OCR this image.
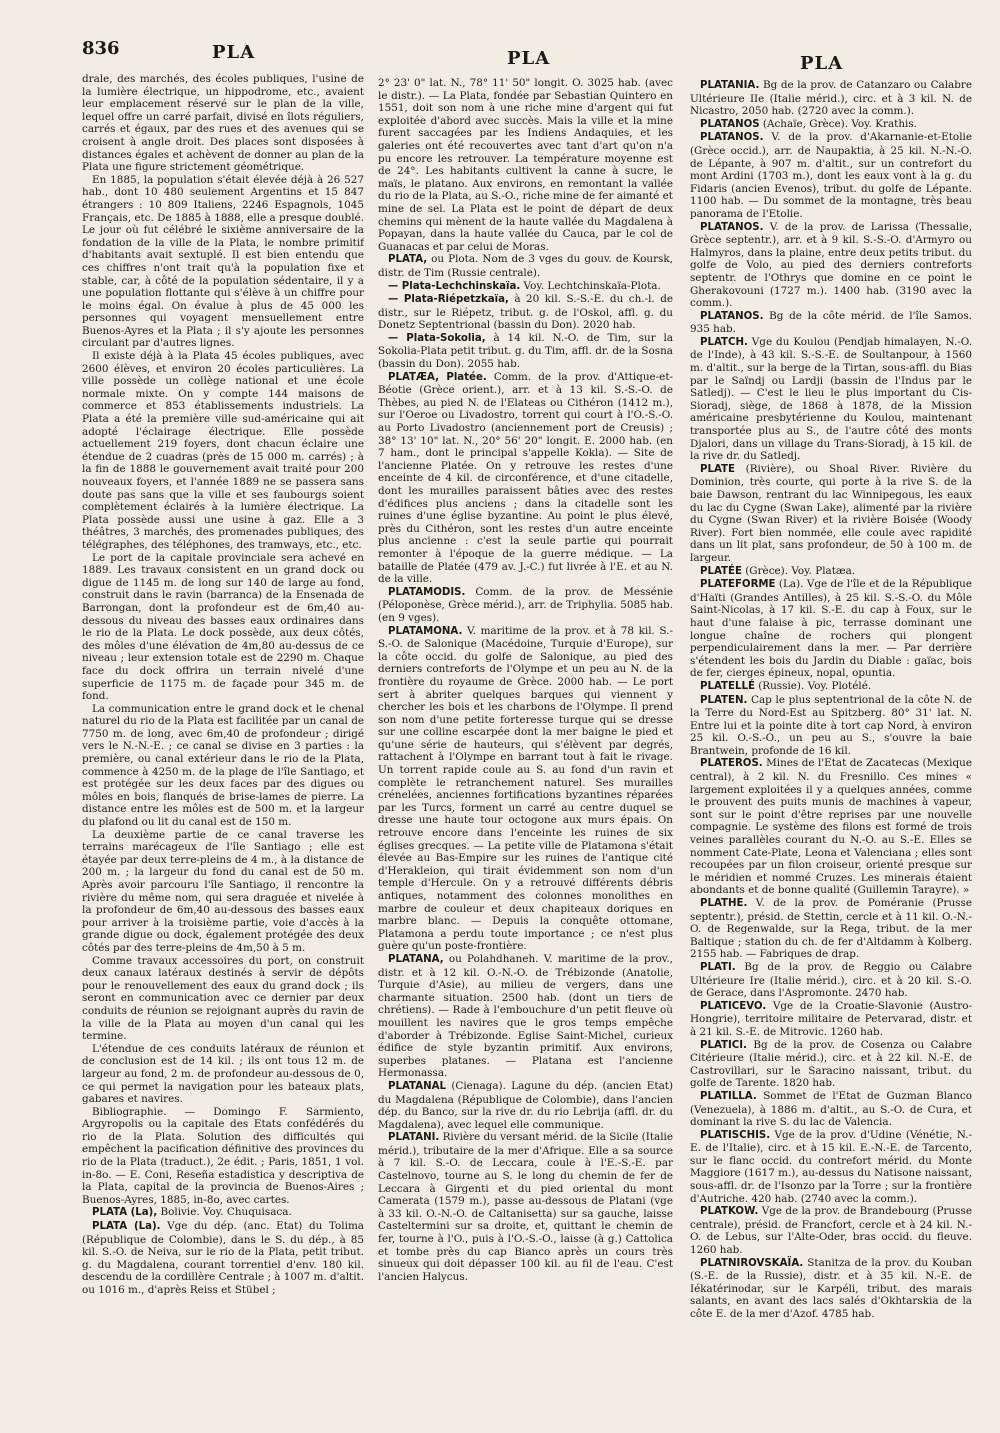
836	PLA	PLA	PLA

drale, des marchés, des écoles publiques, l'usine de la lumière électrique, un hippodrome, etc., avaient leur emplacement réservé sur le plan de la ville, lequel offre un carré parfait, divisé en îlots réguliers, carrés et égaux, par des rues et des avenues qui se croisent à angle droit. Des places sont disposées à distances égales et achèvent de donner au plan de la Plata une figure strictement géométrique.

En 1885, la population s'était élevée déjà à 26 527 hab., dont 10 480 seulement Argentins et 15 847 étrangers : 10 809 Italiens, 2246 Espagnols, 1045 Français, etc. De 1885 à 1888, elle a presque doublé. Le jour où fut célébré le sixième anniversaire de la fondation de la ville de la Plata, le nombre primitif d'habitants avait sextuplé. Il est bien entendu que ces chiffres n'ont trait qu'à la population fixe et stable, car, à côté de la population sédentaire, il y a une population flottante qui s'élève à un chiffre pour le moins égal. On évalue à plus de 45 000 les personnes qui voyagent mensuellement entre Buenos-Ayres et la Plata ; il s'y ajoute les personnes circulant par d'autres lignes.

Il existe déjà à la Plata 45 écoles publiques, avec 2600 élèves, et environ 20 écoles particulières. La ville possède un collège national et une école normale mixte. On y compte 144 maisons de commerce et 853 établissements industriels. La Plata a été la première ville sud-américaine qui ait adopté l'éclairage électrique. Elle possède actuellement 219 foyers, dont chacun éclaire une étendue de 2 cuadras (près de 15 000 m. carrés) ; à la fin de 1888 le gouvernement avait traité pour 200 nouveaux foyers, et l'année 1889 ne se passera sans doute pas sans que la ville et ses faubourgs soient complètement éclairés à la lumière électrique. La Plata possède aussi une usine à gaz. Elle a 3 théâtres, 3 marchés, des promenades publiques, des télégraphes, des téléphones, des tramways, etc., etc.

Le port de la capitale provinciale sera achevé en 1889. Les travaux consistent en un grand dock ou digue de 1145 m. de long sur 140 de large au fond, construit dans le ravin (barranca) de la Ensenada de Barrongan, dont la profondeur est de 6m,40 au-dessous du niveau des basses eaux ordinaires dans le rio de la Plata. Le dock possède, aux deux côtés, des môles d'une élévation de 4m,80 au-dessus de ce niveau ; leur extension totale est de 2290 m. Chaque face du dock offrira un terrain nivelé d'une superficie de 1175 m. de façade pour 345 m. de fond.

La communication entre le grand dock et le chenal naturel du rio de la Plata est facilitée par un canal de 7750 m. de long, avec 6m,40 de profondeur ; dirigé vers le N.-N.-E. ; ce canal se divise en 3 parties : la première, ou canal extérieur dans le rio de la Plata, commence à 4250 m. de la plage de l'île Santiago, et est protégée sur les deux faces par des digues ou môles en bois, flanqués de brise-lames de pierre. La distance entre les môles est de 500 m. et la largeur du plafond ou lit du canal est de 150 m.

La deuxième partie de ce canal traverse les terrains marécageux de l'île Santiago ; elle est étayée par deux terre-pleins de 4 m., à la distance de 200 m. ; la largeur du fond du canal est de 50 m. Après avoir parcouru l'île Santiago, il rencontre la rivière du même nom, qui sera draguée et nivelée à la profondeur de 6m,40 au-dessous des basses eaux pour arriver à la troisième partie, voie d'accès à la grande digue ou dock, également protégée des deux côtés par des terre-pleins de 4m,50 à 5 m.

Comme travaux accessoires du port, on construit deux canaux latéraux destinés à servir de dépôts pour le renouvellement des eaux du grand dock ; ils seront en communication avec ce dernier par deux conduits de réunion se rejoignant auprès du ravin de la ville de la Plata au moyen d'un canal qui les termine.

L'étendue de ces conduits latéraux de réunion et de conclusion est de 14 kil. ; ils ont tous 12 m. de largeur au fond, 2 m. de profondeur au-dessous de 0, ce qui permet la navigation pour les bateaux plats, gabares et navires.

Bibliographie. — Domingo F. Sarmiento, Argyropolis ou la capitale des Etats confédérés du rio de la Plata. Solution des difficultés qui empêchent la pacification définitive des provinces du rio de la Plata (traduct.), 2e édit. ; Paris, 1851, 1 vol. in-8o. — E. Coni, Reseña estadistica y descriptiva de la Plata, capital de la provincia de Buenos-Aires ; Buenos-Ayres, 1885, in-8o, avec cartes.

PLATA (La), Bolivie. Voy. Chuquisaca.

PLATA (La). Vge du dép. (anc. Etat) du Tolima (République de Colombie), dans le S. du dép., à 85 kil. S.-O. de Neiva, sur le rio de la Plata, petit tribut. g. du Magdalena, courant torrentiel d'env. 180 kil. descendu de la cordillère Centrale ; à 1007 m. d'altit. ou 1016 m., d'après Reiss et Stübel ;

2° 23' 0" lat. N., 78° 11' 50" longit. O. 3025 hab. (avec le distr.). — La Plata, fondée par Sebastian Quintero en 1551, doit son nom à une riche mine d'argent qui fut exploitée d'abord avec succès. Mais la ville et la mine furent saccagées par les Indiens Andaquies, et les galeries ont été recouvertes avec tant d'art qu'on n'a pu encore les retrouver. La température moyenne est de 24°. Les habitants cultivent la canne à sucre, le maïs, le platano. Aux environs, en remontant la vallée du rio de la Plata, au S.-O., riche mine de fer aimanté et mine de sel. La Plata est le point de départ de deux chemins qui mènent de la haute vallée du Magdalena à Popayan, dans la haute vallée du Cauca, par le col de Guanacas et par celui de Moras.

PLATA, ou Plota. Nom de 3 vges du gouv. de Koursk, distr. de Tim (Russie centrale).

— Plata-Lechchinskaïa. Voy. Lechtchinskaïa-Plota.

— Plata-Riépetzkaïa, à 20 kil. S.-S.-E. du ch.-l. de distr., sur le Riépetz, tribut. g. de l'Oskol, affl. g. du Donetz Septentrional (bassin du Don). 2020 hab.

— Plata-Sokolia, à 14 kil. N.-O. de Tim, sur la Sokolia-Plata petit tribut. g. du Tim, affl. dr. de la Sosna (bassin du Don). 2055 hab.

PLATÆA, Platée. Comm. de la prov. d'Attique-et-Béotie (Grèce orient.), arr. et à 13 kil. S.-S.-O. de Thèbes, au pied N. de l'Elateas ou Cithéron (1412 m.), sur l'Oeroe ou Livadostro, torrent qui court à l'O.-S.-O. au Porto Livadostro (anciennement port de Creusis) ; 38° 13' 10" lat. N., 20° 56' 20" longit. E. 2000 hab. (en 7 ham., dont le principal s'appelle Kokla). — Site de l'ancienne Platée. On y retrouve les restes d'une enceinte de 4 kil. de circonférence, et d'une citadelle, dont les murailles paraissent bâties avec des restes d'édifices plus anciens ; dans la citadelle sont les ruines d'une église byzantine. Au point le plus élevé, près du Cithéron, sont les restes d'un autre enceinte plus ancienne : c'est la seule partie qui pourrait remonter à l'époque de la guerre médique. — La bataille de Platée (479 av. J.-C.) fut livrée à l'E. et au N. de la ville.

PLATAMODIS. Comm. de la prov. de Messénie (Péloponèse, Grèce mérid.), arr. de Triphylia. 5085 hab. (en 9 vges).

PLATAMONA. V. maritime de la prov. et à 78 kil. S.-S.-O. de Salonique (Macédoine, Turquie d'Europe), sur la côte occid. du golfe de Salonique, au pied des derniers contreforts de l'Olympe et un peu au N. de la frontière du royaume de Grèce. 2000 hab. — Le port sert à abriter quelques barques qui viennent y chercher les bois et les charbons de l'Olympe. Il prend son nom d'une petite forteresse turque qui se dresse sur une colline escarpée dont la mer baigne le pied et qu'une série de hauteurs, qui s'élèvent par degrés, rattachent à l'Olympe en barrant tout à fait le rivage. Un torrent rapide coule au S. au fond d'un ravin et complète le retranchement naturel. Ses murailles crénelées, anciennes fortifications byzantines réparées par les Turcs, forment un carré au centre duquel se dresse une haute tour octogone aux murs épais. On retrouve encore dans l'enceinte les ruines de six églises grecques. — La petite ville de Platamona s'était élevée au Bas-Empire sur les ruines de l'antique cité d'Herakleion, qui tirait évidemment son nom d'un temple d'Hercule. On y a retrouvé différents débris antiques, notamment des colonnes monolithes en marbre de couleur et deux chapiteaux doriques en marbre blanc. — Depuis la conquête ottomane, Platamona a perdu toute importance ; ce n'est plus guère qu'un poste-frontière.

PLATANA, ou Polahdhaneh. V. maritime de la prov., distr. et à 12 kil. O.-N.-O. de Trébizonde (Anatolie, Turquie d'Asie), au milieu de vergers, dans une charmante situation. 2500 hab. (dont un tiers de chrétiens). — Rade à l'embouchure d'un petit fleuve où mouillent les navires que le gros temps empêche d'aborder à Trébizonde. Eglise Saint-Michel, curieux édifice de style byzantin primitif. Aux environs, superbes platanes. — Platana est l'ancienne Hermonassa.

PLATANAL (Cienaga). Lagune du dép. (ancien Etat) du Magdalena (République de Colombie), dans l'ancien dép. du Banco, sur la rive dr. du rio Lebrija (affl. dr. du Magdalena), avec lequel elle communique.

PLATANI. Rivière du versant mérid. de la Sicile (Italie mérid.), tributaire de la mer d'Afrique. Elle a sa source à 7 kil. S.-O. de Leccara, coule à l'E.-S.-E. par Castelnovo, tourne au S. le long du chemin de fer de Leccara à Girgenti et du pied oriental du mont Camerata (1579 m.), passe au-dessous de Platani (vge à 33 kil. O.-N.-O. de Caltanisetta) sur sa gauche, laisse Casteltermini sur sa droite, et, quittant le chemin de fer, tourne à l'O., puis à l'O.-S.-O., laisse (à g.) Cattolica et tombe près du cap Bianco après un cours très sinueux qui doit dépasser 100 kil. au fil de l'eau. C'est l'ancien Halycus.

PLATANIA. Bg de la prov. de Catanzaro ou Calabre Ultérieure IIe (Italie mérid.), circ. et à 3 kil. N. de Nicastro, 2050 hab. (2720 avec la comm.).

PLATANOS (Achaïe, Grèce). Voy. Krathis.

PLATANOS. V. de la prov. d'Akarnanie-et-Etolie (Grèce occid.), arr. de Naupaktia, à 25 kil. N.-N.-O. de Lépante, à 907 m. d'altit., sur un contrefort du mont Ardini (1703 m.), dont les eaux vont à la g. du Fidaris (ancien Evenos), tribut. du golfe de Lépante. 1100 hab. — Du sommet de la montagne, très beau panorama de l'Etolie.

PLATANOS. V. de la prov. de Larissa (Thessalie, Grèce septentr.), arr. et à 9 kil. S.-S.-O. d'Armyro ou Halmyros, dans la plaine, entre deux petits tribut. du golfe de Volo, au pied des derniers contreforts septentr. de l'Othrys que domine en ce point le Gherakovouni (1727 m.). 1400 hab. (3190 avec la comm.).

PLATANOS. Bg de la côte mérid. de l'île Samos. 935 hab.

PLATCH. Vge du Koulou (Pendjab himalayen, N.-O. de l'Inde), à 43 kil. S.-S.-E. de Soultanpour, à 1560 m. d'altit., sur la berge de la Tirtan, sous-affl. du Bias par le Saïndj ou Lardji (bassin de l'Indus par le Satledj). — C'est le lieu le plus important du Cis-Sioradj, siège, de 1868 à 1878, de la Mission américaine presbytérienne du Koulou, maintenant transportée plus au S., de l'autre côté des monts Djalori, dans un village du Trans-Sioradj, à 15 kil. de la rive dr. du Satledj.

PLATE (Rivière), ou Shoal River. Rivière du Dominion, très courte, qui porte à la rive S. de la baie Dawson, rentrant du lac Winnipegous, les eaux du lac du Cygne (Swan Lake), alimenté par la rivière du Cygne (Swan River) et la rivière Boisée (Woody River). Fort bien nommée, elle coule avec rapidité dans un lit plat, sans profondeur, de 50 à 100 m. de largeur.

PLATÉE (Grèce). Voy. Platæa.

PLATEFORME (La). Vge de l'île et de la République d'Haïti (Grandes Antilles), à 25 kil. S.-S.-O. du Môle Saint-Nicolas, à 17 kil. S.-E. du cap à Foux, sur le haut d'une falaise à pic, terrasse dominant une longue chaîne de rochers qui plongent perpendiculairement dans la mer. — Par derrière s'étendent les bois du Jardin du Diable : gaïac, bois de fer, cierges épineux, nopal, opuntia.

PLATELLÉ (Russie). Voy. Plotélé.

PLATEN. Cap le plus septentrional de la côte N. de la Terre du Nord-Est au Spitzberg. 80° 31' lat. N. Entre lui et la pointe dite à tort cap Nord, à environ 25 kil. O.-S.-O., un peu au S., s'ouvre la baie Brantwein, profonde de 16 kil.

PLATEROS. Mines de l'Etat de Zacatecas (Mexique central), à 2 kil. N. du Fresnillo. Ces mines « largement exploitées il y a quelques années, comme le prouvent des puits munis de machines à vapeur, sont sur le point d'être reprises par une nouvelle compagnie. Le système des filons est formé de trois veines parallèles courant du N.-O. au S.-E. Elles se nomment Cate-Plate, Leona et Valenciana ; elles sont recoupées par un filon croiseur, orienté presque sur le méridien et nommé Cruzes. Les minerais étaient abondants et de bonne qualité (Guillemin Tarayre). »

PLATHE. V. de la prov. de Poméranie (Prusse septentr.), présid. de Stettin, cercle et à 11 kil. O.-N.-O. de Regenwalde, sur la Rega, tribut. de la mer Baltique ; station du ch. de fer d'Altdamm à Kolberg. 2155 hab. — Fabriques de drap.

PLATI. Bg de la prov. de Reggio ou Calabre Ultérieure Ire (Italie mérid.), circ. et à 20 kil. S.-O. de Gerace, dans l'Aspromonte. 2470 hab.

PLATICEVO. Vge de la Croatie-Slavonie (Austro-Hongrie), territoire militaire de Petervarad, distr. et à 21 kil. S.-E. de Mitrovic. 1260 hab.

PLATICI. Bg de la prov. de Cosenza ou Calabre Citérieure (Italie mérid.), circ. et à 22 kil. N.-E. de Castrovillari, sur le Saracino naissant, tribut. du golfe de Tarente. 1820 hab.

PLATILLA. Sommet de l'Etat de Guzman Blanco (Venezuela), à 1886 m. d'altit., au S.-O. de Cura, et dominant la rive S. du lac de Valencia.

PLATISCHIS. Vge de la prov. d'Udine (Vénétie, N.-E. de l'Italie), circ. et à 15 kil. E.-N.-E. de Tarcento, sur le flanc occid. du contrefort mérid. du Monte Maggiore (1617 m.), au-dessus du Natisone naissant, sous-affl. dr. de l'Isonzo par la Torre ; sur la frontière d'Autriche. 420 hab. (2740 avec la comm.).

PLATKOW. Vge de la prov. de Brandebourg (Prusse centrale), présid. de Francfort, cercle et à 24 kil. N.-O. de Lebus, sur l'Alte-Oder, bras occid. du fleuve. 1260 hab.

PLATNIROVSKAÏA. Stanitza de la prov. du Kouban (S.-E. de la Russie), distr. et à 35 kil. N.-E. de Iékatérinodar, sur le Karpéli, tribut. des marais salants, en avant des lacs salés d'Okhtarskia de la côte E. de la mer d'Azof. 4785 hab.
